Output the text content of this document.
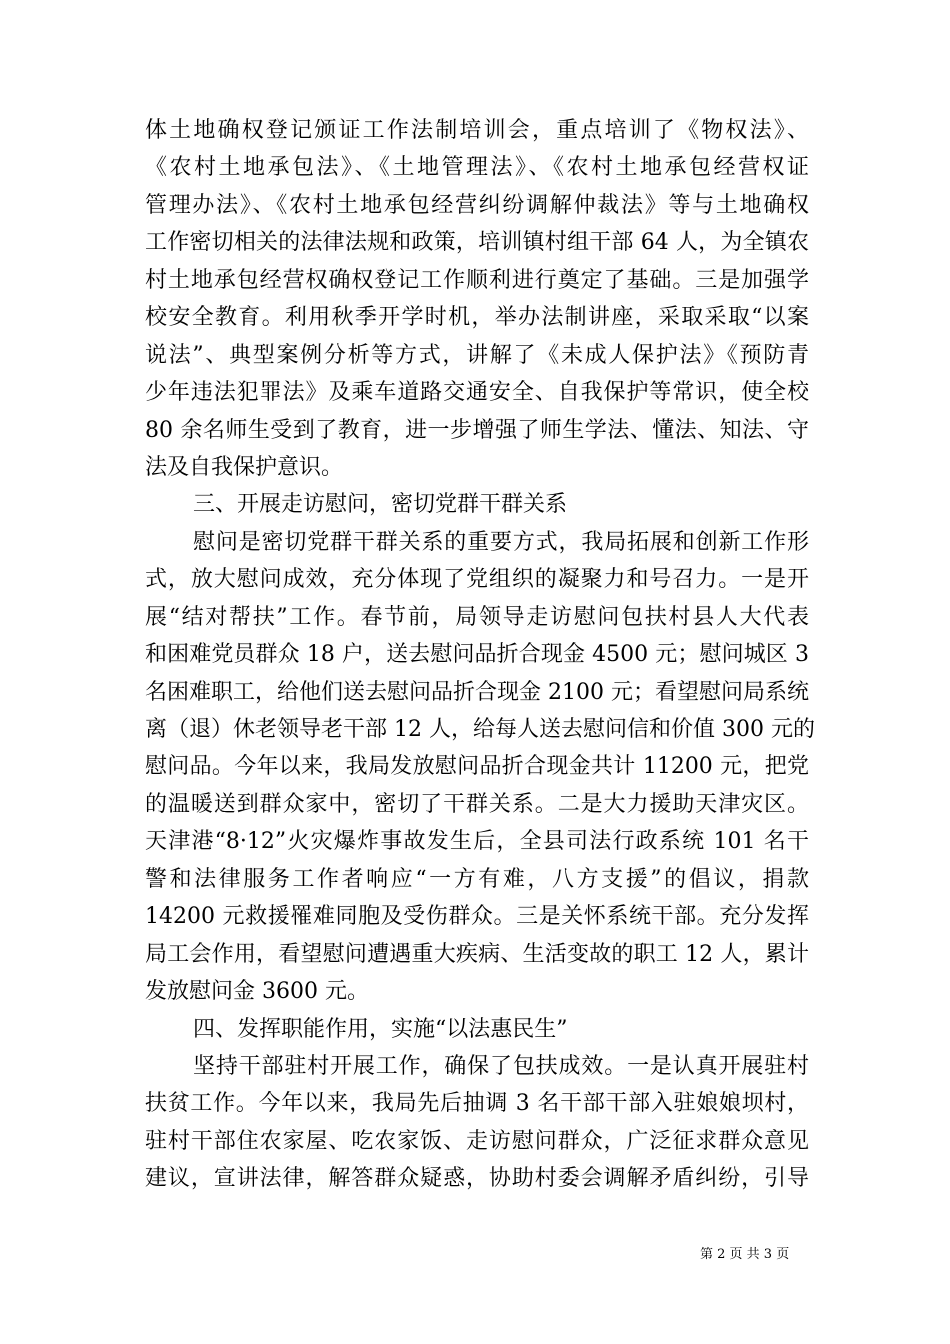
体土地确权登记颁证工作法制培训会，重点培训了《物权法》、
《农村土地承包法》、《土地管理法》、《农村土地承包经营权证
管理办法》、《农村土地承包经营纠纷调解仲裁法》等与土地确权
工作密切相关的法律法规和政策，培训镇村组干部 64 人，为全镇农
村土地承包经营权确权登记工作顺利进行奠定了基础。三是加强学
校安全教育。利用秋季开学时机，举办法制讲座，采取采取“以案
说法”、典型案例分析等方式，讲解了《未成人保护法》《预防青
少年违法犯罪法》及乘车道路交通安全、自我保护等常识，使全校
80 余名师生受到了教育，进一步增强了师生学法、懂法、知法、守
法及自我保护意识。
三、开展走访慰问，密切党群干群关系
慰问是密切党群干群关系的重要方式，我局拓展和创新工作形
式，放大慰问成效，充分体现了党组织的凝聚力和号召力。一是开
展“结对帮扶”工作。春节前，局领导走访慰问包扶村县人大代表
和困难党员群众 18 户，送去慰问品折合现金 4500 元；慰问城区 3
名困难职工，给他们送去慰问品折合现金 2100 元；看望慰问局系统
离（退）休老领导老干部 12 人，给每人送去慰问信和价值 300 元的
慰问品。今年以来，我局发放慰问品折合现金共计 11200 元，把党
的温暖送到群众家中，密切了干群关系。二是大力援助天津灾区。
天津港“8·12”火灾爆炸事故发生后，全县司法行政系统 101 名干
警和法律服务工作者响应“一方有难，八方支援”的倡议，捐款
14200 元救援罹难同胞及受伤群众。三是关怀系统干部。充分发挥
局工会作用，看望慰问遭遇重大疾病、生活变故的职工 12 人，累计
发放慰问金 3600 元。
四、发挥职能作用，实施“以法惠民生”
坚持干部驻村开展工作，确保了包扶成效。一是认真开展驻村
扶贫工作。今年以来，我局先后抽调 3 名干部干部入驻娘娘坝村，
驻村干部住农家屋、吃农家饭、走访慰问群众，广泛征求群众意见
建议，宣讲法律，解答群众疑惑，协助村委会调解矛盾纠纷，引导
第 2 页 共 3 页
